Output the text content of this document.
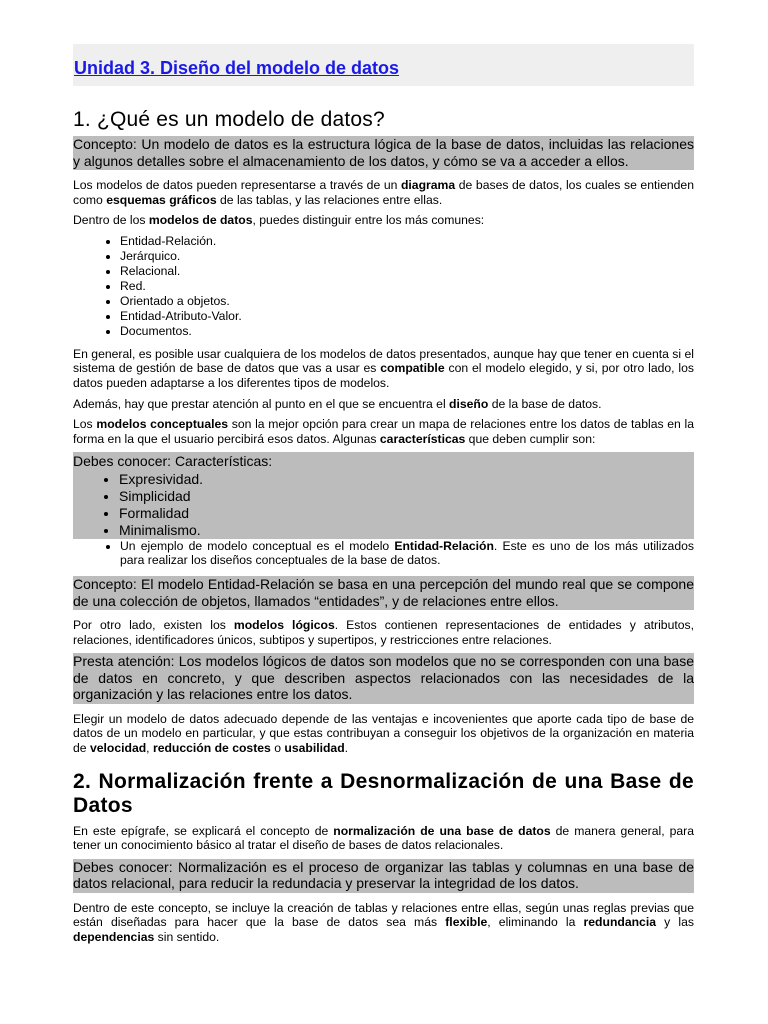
Unidad 3. Diseño del modelo de datos
1. ¿Qué es un modelo de datos?
Concepto: Un modelo de datos es la estructura lógica de la base de datos, incluidas las relaciones y algunos detalles sobre el almacenamiento de los datos, y cómo se va a acceder a ellos.

Los modelos de datos pueden representarse a través de un diagrama de bases de datos, los cuales se entienden como esquemas gráficos de las tablas, y las relaciones entre ellas.

Dentro de los modelos de datos, puedes distinguir entre los más comunes:

• Entidad-Relación.
• Jerárquico.
• Relacional.
• Red.
• Orientado a objetos.
• Entidad-Atributo-Valor.
• Documentos.

En general, es posible usar cualquiera de los modelos de datos presentados, aunque hay que tener en cuenta si el sistema de gestión de base de datos que vas a usar es compatible con el modelo elegido, y si, por otro lado, los datos pueden adaptarse a los diferentes tipos de modelos.

Además, hay que prestar atención al punto en el que se encuentra el diseño de la base de datos.

Los modelos conceptuales son la mejor opción para crear un mapa de relaciones entre los datos de tablas en la forma en la que el usuario percibirá esos datos. Algunas características que deben cumplir son:

Debes conocer: Características:
• Expresividad.
• Simplicidad
• Formalidad
• Minimalismo.
• Un ejemplo de modelo conceptual es el modelo Entidad-Relación. Este es uno de los más utilizados para realizar los diseños conceptuales de la base de datos.
Concepto: El modelo Entidad-Relación se basa en una percepción del mundo real que se compone de una colección de objetos, llamados “entidades”, y de relaciones entre ellos.

Por otro lado, existen los modelos lógicos. Estos contienen representaciones de entidades y atributos, relaciones, identificadores únicos, subtipos y supertipos, y restricciones entre relaciones.

Presta atención: Los modelos lógicos de datos son modelos que no se corresponden con una base de datos en concreto, y que describen aspectos relacionados con las necesidades de la organización y las relaciones entre los datos.

Elegir un modelo de datos adecuado depende de las ventajas e incovenientes que aporte cada tipo de base de datos de un modelo en particular, y que estas contribuyan a conseguir los objetivos de la organización en materia de velocidad, reducción de costes o usabilidad.

2. Normalización frente a Desnormalización de una Base de Datos

En este epígrafe, se explicará el concepto de normalización de una base de datos de manera general, para tener un conocimiento básico al tratar el diseño de bases de datos relacionales.

Debes conocer: Normalización es el proceso de organizar las tablas y columnas en una base de datos relacional, para reducir la redundacia y preservar la integridad de los datos.

Dentro de este concepto, se incluye la creación de tablas y relaciones entre ellas, según unas reglas previas que están diseñadas para hacer que la base de datos sea más flexible, eliminando la redundancia y las dependencias sin sentido.
